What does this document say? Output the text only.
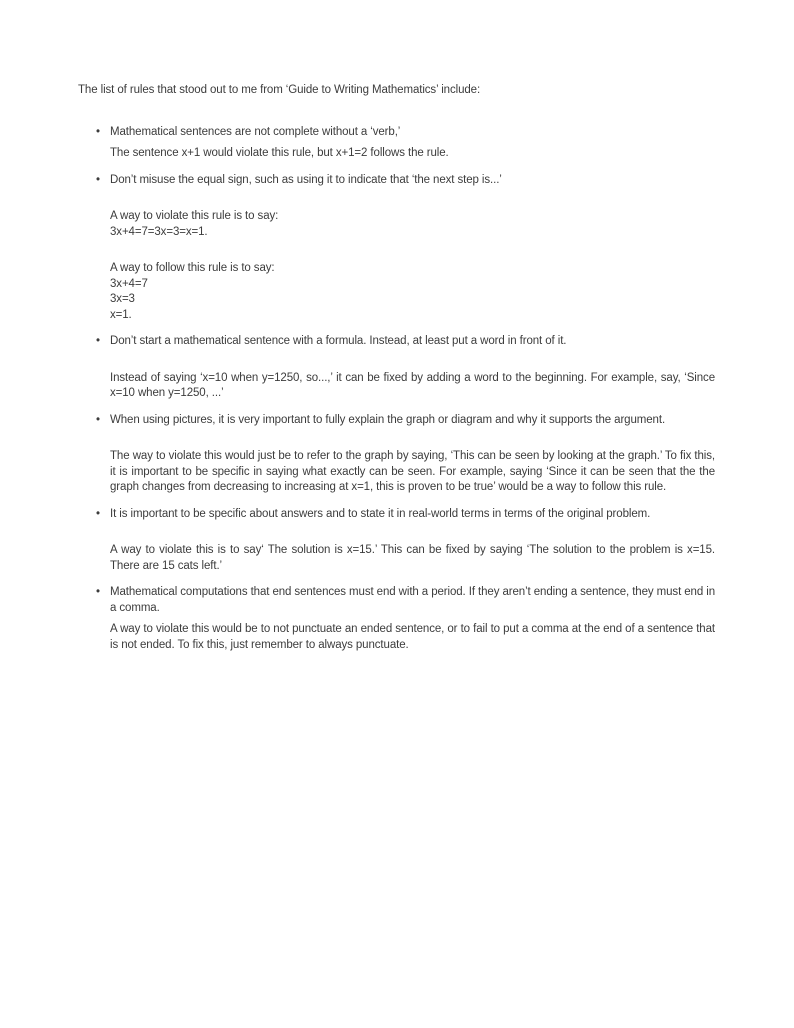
The list of rules that stood out to me from ‘Guide to Writing Mathematics’ include:
• Mathematical sentences are not complete without a ‘verb,’
The sentence x+1 would violate this rule, but x+1=2 follows the rule.
• Don’t misuse the equal sign, such as using it to indicate that ‘the next step is...’
A way to violate this rule is to say:
3x+4=7=3x=3=x=1.
A way to follow this rule is to say:
3x+4=7
3x=3
x=1.
• Don’t start a mathematical sentence with a formula. Instead, at least put a word in front of it.
Instead of saying ‘x=10 when y=1250, so...,’ it can be fixed by adding a word to the beginning. For example, say, ‘Since x=10 when y=1250, ...’
• When using pictures, it is very important to fully explain the graph or diagram and why it supports the argument.
The way to violate this would just be to refer to the graph by saying, ‘This can be seen by looking at the graph.’ To fix this, it is important to be specific in saying what exactly can be seen. For example, saying ‘Since it can be seen that the the graph changes from decreasing to increasing at x=1, this is proven to be true’ would be a way to follow this rule.
• It is important to be specific about answers and to state it in real-world terms in terms of the original problem.
A way to violate this is to say‘ The solution is x=15.’ This can be fixed by saying ‘The solution to the problem is x=15. There are 15 cats left.’
• Mathematical computations that end sentences must end with a period. If they aren’t ending a sentence, they must end in a comma.
A way to violate this would be to not punctuate an ended sentence, or to fail to put a comma at the end of a sentence that is not ended. To fix this, just remember to always punctuate.
